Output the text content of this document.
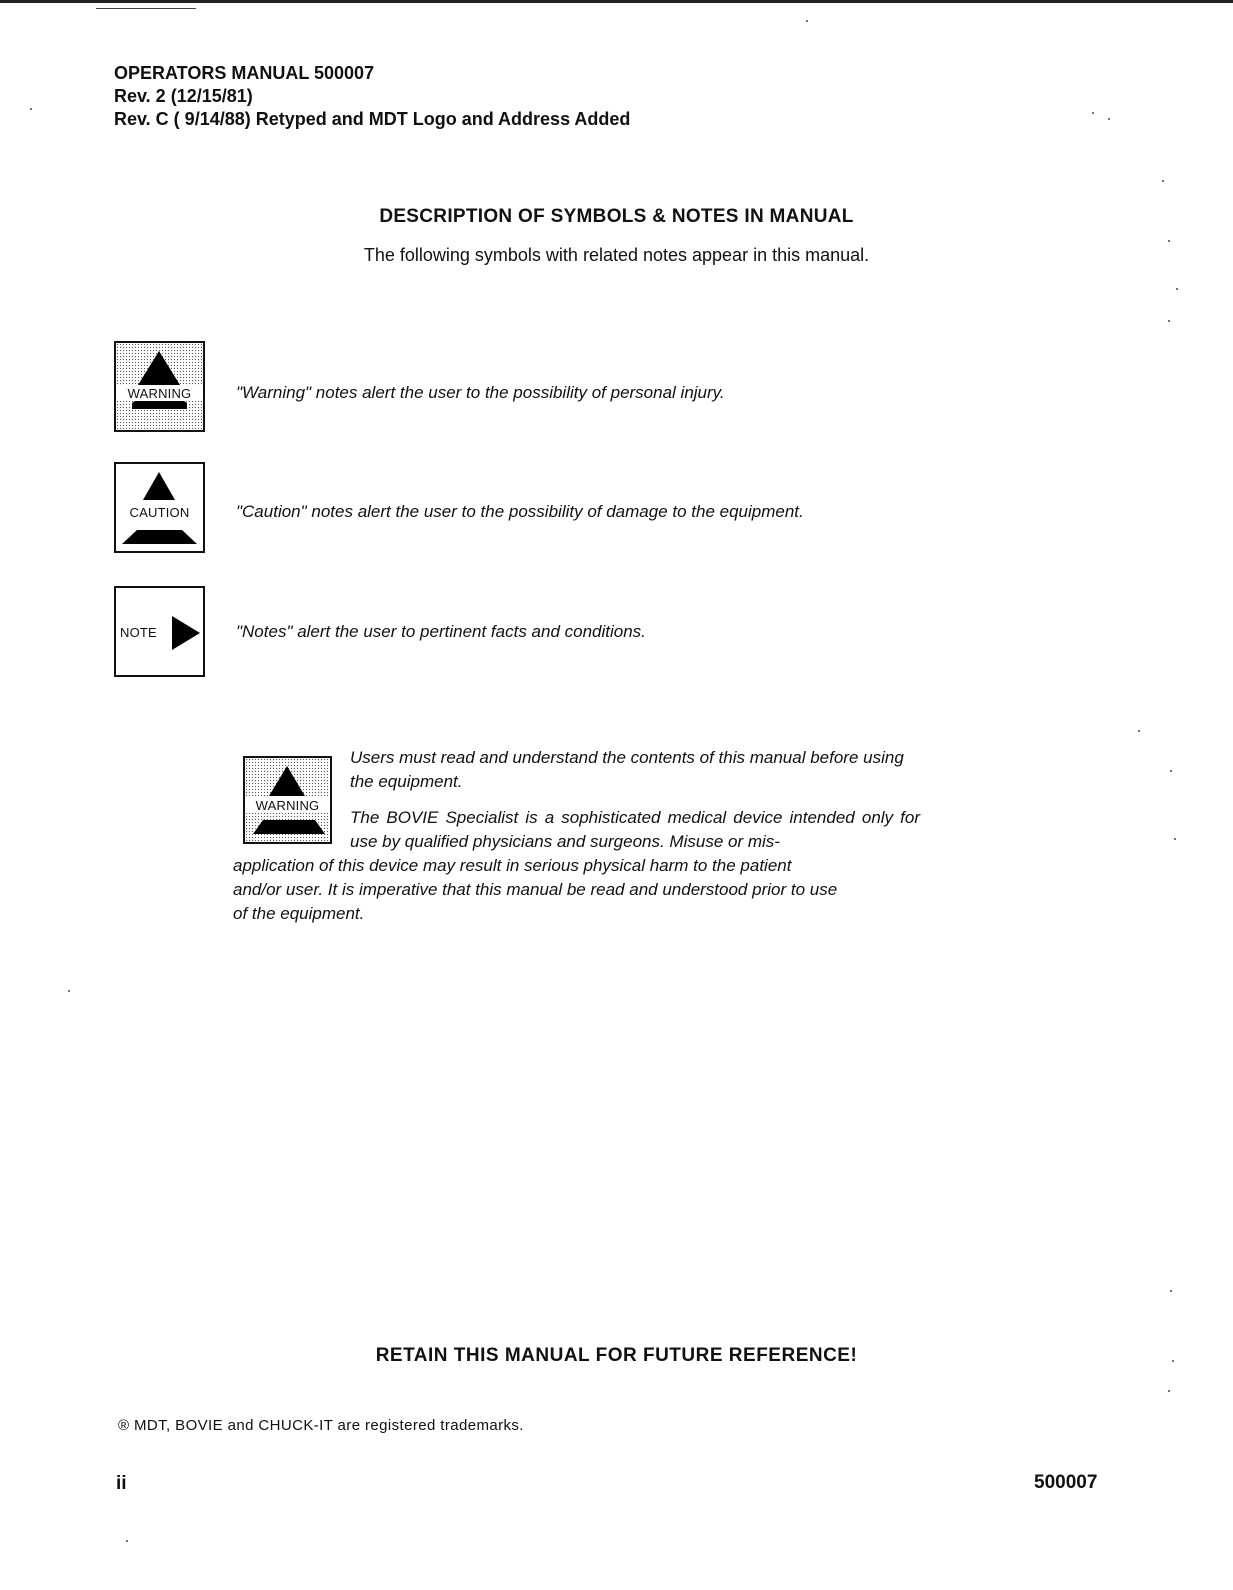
OPERATORS MANUAL 500007
Rev. 2 (12/15/81)
Rev. C ( 9/14/88) Retyped and MDT Logo and Address Added
DESCRIPTION OF SYMBOLS & NOTES IN MANUAL
The following symbols with related notes appear in this manual.
WARNING	"Warning" notes alert the user to the possibility of personal injury.
CAUTION	"Caution" notes alert the user to the possibility of damage to the equipment.
NOTE	"Notes" alert the user to pertinent facts and conditions.
WARNING
Users must read and understand the contents of this manual before using the equipment.
The BOVIE Specialist is a sophisticated medical device intended only for use by qualified physicians and surgeons. Misuse or mis-
application of this device may result in serious physical harm to the patient
and/or user. It is imperative that this manual be read and understood prior to use
of the equipment.
RETAIN THIS MANUAL FOR FUTURE REFERENCE!
® MDT, BOVIE and CHUCK-IT are registered trademarks.
ii	500007
